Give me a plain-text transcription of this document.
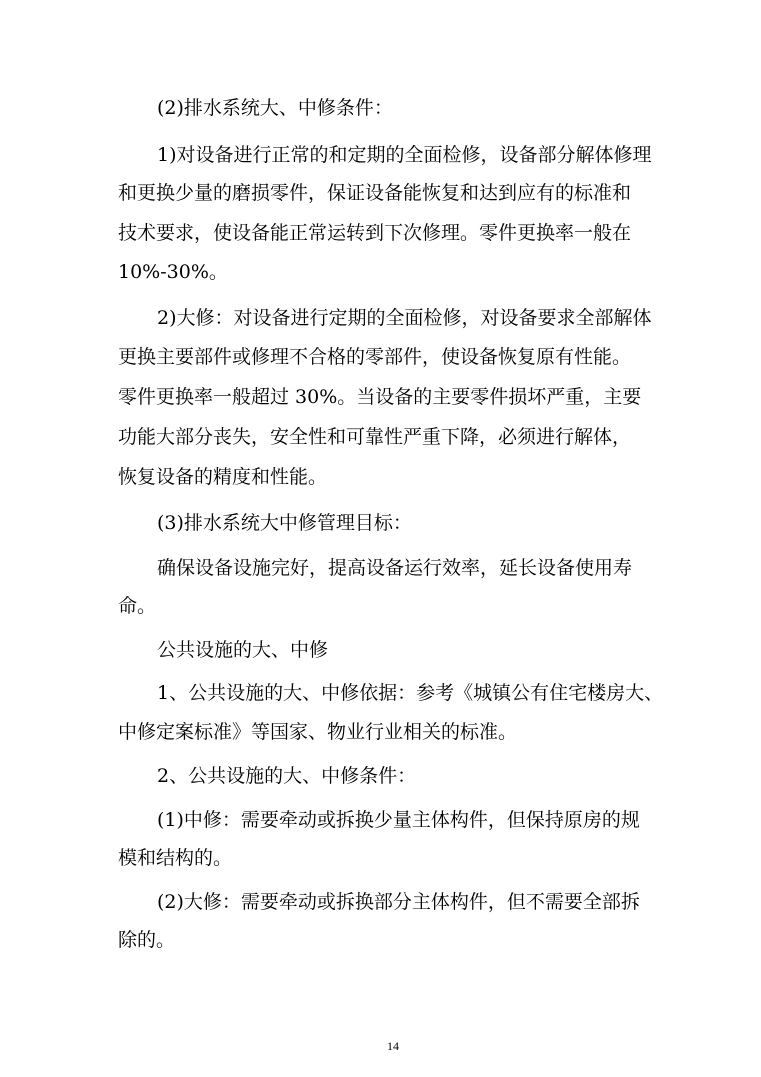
(2)排水系统大、中修条件：
1)对设备进行正常的和定期的全面检修，设备部分解体修理
和更换少量的磨损零件，保证设备能恢复和达到应有的标准和
技术要求，使设备能正常运转到下次修理。零件更换率一般在
10%-30%。
2)大修：对设备进行定期的全面检修，对设备要求全部解体
更换主要部件或修理不合格的零部件，使设备恢复原有性能。
零件更换率一般超过 30%。当设备的主要零件损坏严重，主要
功能大部分丧失，安全性和可靠性严重下降，必须进行解体，
恢复设备的精度和性能。
(3)排水系统大中修管理目标：
确保设备设施完好，提高设备运行效率，延长设备使用寿
命。
公共设施的大、中修
1、公共设施的大、中修依据：参考《城镇公有住宅楼房大、
中修定案标准》等国家、物业行业相关的标准。
2、公共设施的大、中修条件：
(1)中修：需要牵动或拆换少量主体构件，但保持原房的规
模和结构的。
(2)大修：需要牵动或拆换部分主体构件，但不需要全部拆
除的。
14
